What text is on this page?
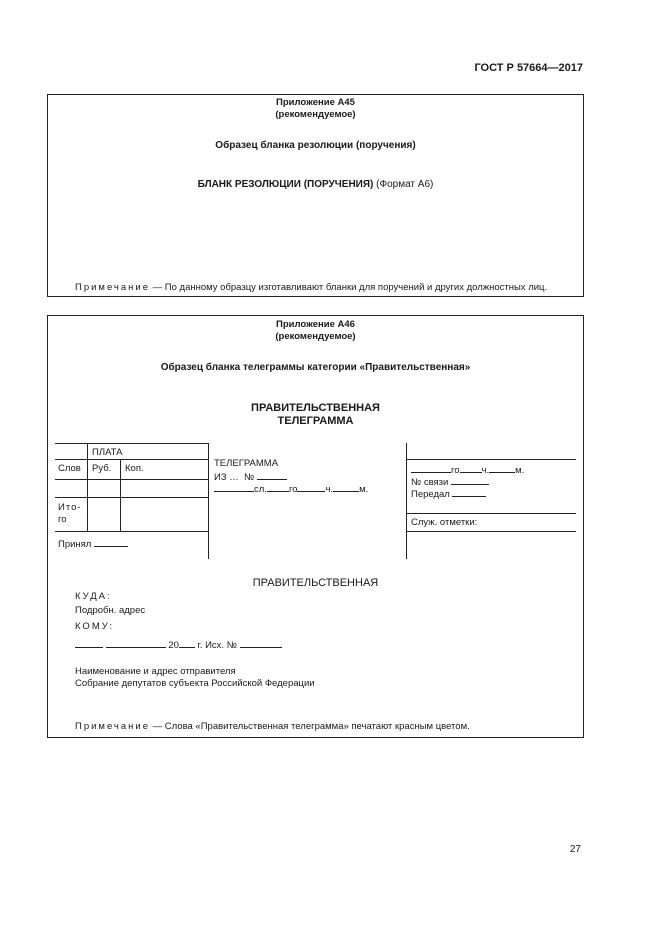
ГОСТ Р 57664—2017
Приложение А45
(рекомендуемое)
Образец бланка резолюции (поручения)
БЛАНК РЕЗОЛЮЦИИ (ПОРУЧЕНИЯ) (Формат А6)
Примечание — По данному образцу изготавливают бланки для поручений и других должностных лиц.
Приложение А46
(рекомендуемое)
Образец бланка телеграммы категории «Правительственная»
ПРАВИТЕЛЬСТВЕННАЯ
ТЕЛЕГРАММА
ПЛАТА
Слов Руб. Коп.
Ито-
го
Принял
ТЕЛЕГРАММА
ИЗ … №
сл. го	ч.	м.
го ч.	м.
№ связи
Передал
Служ. отметки:
ПРАВИТЕЛЬСТВЕННАЯ
КУДА:
Подробн. адрес
КОМУ:
20 г. Исх. №
Наименование и адрес отправителя
Собрание депутатов субъекта Российской Федерации
Примечание — Слова «Правительственная телеграмма» печатают красным цветом.
27
